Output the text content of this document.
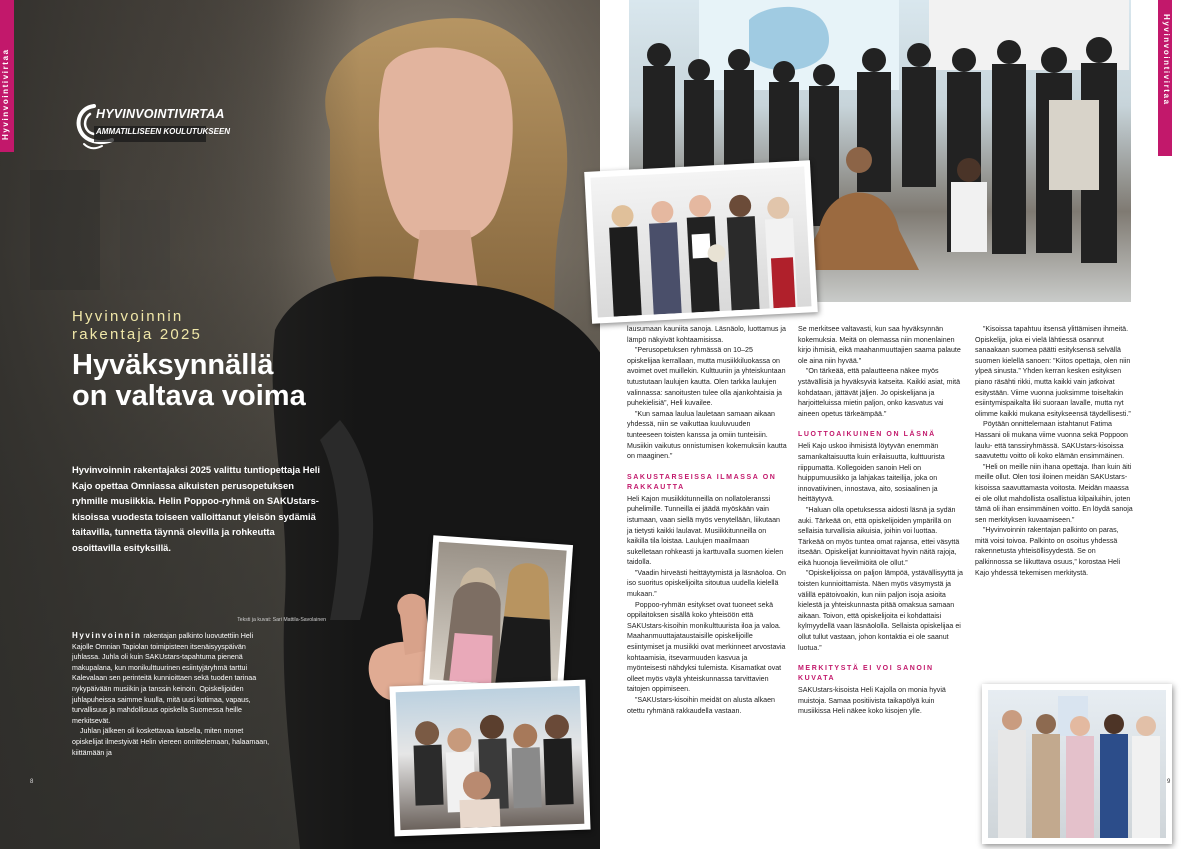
Hyvinvointivirtaa	HYVINVOINTIVIRTAA
AMMATILLISEEN KOULUTUKSEEN
Hyvinvoinnin
rakentaja 2025
Hyväksynnällä on valtava voima

Hyvinvoinnin rakentajaksi 2025 valittu tuntiopettaja Heli Kajo opettaa Omniassa aikuisten perusopetuksen ryhmille musiikkia. Helin Poppoo-ryhmä on SAKUstars-kisoissa vuodesta toiseen valloittanut yleisön sydämiä taitavilla, tunnetta täynnä olevilla ja rohkeutta osoittavilla esityksillä.

Teksti ja kuvat: Sari Mattila-Savolainen

Hyvinvoinnin rakentajan palkinto luovutettiin Heli Kajolle Omnian Tapiolan toimipisteen itsenäisyyspäivän juhlassa. Juhla oli kuin SAKUstars-tapahtuma pienenä makupalana, kun monikulttuurinen esiintyjäryhmä tarttui Kalevalaan sen perinteitä kunnioittaen sekä tuoden tarinaa nykypäivään musiikin ja tanssin keinoin. Opiskelijoiden juhlapuheissa saimme kuulla, mitä uusi kotimaa, vapaus, turvallisuus ja mahdollisuus opiskella Suomessa heille merkitsevät.

Juhlan jälkeen oli koskettavaa katsella, miten monet opiskelijat ilmestyivät Helin viereen onnittelemaan, halaamaan, kiittämään ja

8
Hyvinvointivirtaa

lausumaan kauniita sanoja. Läsnäolo, luottamus ja lämpö näkyivät kohtaamisissa.

”Perusopetuksen ryhmässä on 10–25 opiskelijaa kerrallaan, mutta musiikkiluokassa on avoimet ovet muillekin. Kulttuuriin ja yhteiskuntaan tutustutaan laulujen kautta. Olen tarkka laulujen valinnassa: sanoitusten tulee olla ajankohtaisia ja puhekielisiä”, Heli kuvailee.

”Kun samaa laulua lauletaan samaan aikaan yhdessä, niin se vaikuttaa kuuluvuuden tunteeseen toisten kanssa ja omiin tunteisiin. Musiikin vaikutus onnistumisen kokemuksiin kautta on maaginen.”

SAKUSTARSEISSA ILMASSA ON RAKKAUTTA

Heli Kajon musiikkitunneilla on nollatoleranssi puhelimille. Tunneilla ei jäädä myöskään vain istumaan, vaan siellä myös venytellään, liikutaan ja tietysti kaikki laulavat. Musiikkitunneilla on kaikilla tila loistaa. Laulujen maailmaan sukelletaan rohkeasti ja karttuvalla suomen kielen taidolla.

”Vaadin hirveästi heittäytymistä ja läsnäoloa. On iso suoritus opiskelijoilta sitoutua uudella kielellä mukaan.”

Poppoo-ryhmän esitykset ovat tuoneet sekä oppilaitoksen sisällä koko yhteisöön että SAKUstars-kisoihin monikulttuurista iloa ja valoa. Maahanmuuttajataustaisille opiskelijoille esiintymiset ja musiikki ovat merkinneet arvostavia kohtaamisia, itsevarmuuden kasvua ja myönteisesti nähdyksi tulemista. Kisamatkat ovat olleet myös väylä yhteiskunnassa tarvittavien taitojen oppimiseen.

”SAKUstars-kisoihin meidät on alusta alkaen otettu ryhmänä rakkaudella vastaan.

Se merkitsee valtavasti, kun saa hyväksynnän kokemuksia. Meitä on olemassa niin monenlainen kirjo ihmisiä, eikä maahanmuuttajien saama palaute ole aina niin hyvää.”

”On tärkeää, että palautteena näkee myös ystävällisiä ja hyväksyviä katseita. Kaikki asiat, mitä kohdataan, jättävät jäljen. Jo opiskelijana ja harjoitteluissa mietin paljon, onko kasvatus vai aineen opetus tärkeämpää.”

LUOTTOAIKUINEN ON LÄSNÄ

Heli Kajo uskoo ihmisistä löytyvän enemmän samankaltaisuutta kuin erilaisuutta, kulttuurista riippumatta. Kollegoiden sanoin Heli on huippumuusikko ja lahjakas taiteilija, joka on innovatiivinen, innostava, aito, sosiaalinen ja heittäytyvä.

”Haluan olla opetuksessa aidosti läsnä ja sydän auki. Tärkeää on, että opiskelijoiden ympärillä on sellaisia turvallisia aikuisia, joihin voi luottaa. Tärkeää on myös tuntea omat rajansa, ettei väsyttä itseään. Opiskelijat kunnioittavat hyvin näitä rajoja, eikä huonoja lieveilmiöitä ole ollut.”

”Opiskelijoissa on paljon lämpöä, ystävällisyyttä ja toisten kunnioittamista. Näen myös väsymystä ja välillä epätoivoakin, kun niin paljon isoja asioita kielestä ja yhteiskunnasta pitää omaksua samaan aikaan. Toivon, että opiskelijoita ei kohdattaisi kylmyydellä vaan läsnäololla. Sellaista opiskelijaa ei ollut tullut vastaan, johon kontaktia ei ole saanut luotua.”

MERKITYSTÄ EI VOI SANOIN KUVATA

SAKUstars-kisoista Heli Kajolla on monia hyviä muistoja. Samaa positiivista taikapölyä kuin musiikissa Heli näkee koko kisojen ylle.

”Kisoissa tapahtuu itsensä ylittämisen ihmeitä. Opiskelija, joka ei vielä lähtiessä osannut sanaakaan suomea päätti esityksensä selvällä suomen kielellä sanoen: ”Kiitos opettaja, olen niin ylpeä sinusta.” Yhden kerran kesken esityksen piano räsähti rikki, mutta kaikki vain jatkoivat esitystään. Viime vuonna juoksimme toiseltakin esiintymispaikalta liki suoraan lavalle, mutta nyt olimme kaikki mukana esitykseensä täydellisesti.”

Pöytään onnittelemaan istahtanut Fatima Hassani oli mukana viime vuonna sekä Poppoon laulu- että tanssiryhmässä. SAKUstars-kisoissa saavutettu voitto oli koko elämän ensimmäinen.

”Heli on meille niin ihana opettaja. Ihan kuin äiti meille ollut. Olen tosi iloinen meidän SAKUstars-kisoissa saavuttamasta voitosta. Meidän maassa ei ole ollut mahdollista osallistua kilpailuihin, joten tämä oli ihan ensimmäinen voitto. En löydä sanoja sen merkityksen kuvaamiseen.”

”Hyvinvoinnin rakentajan palkinto on paras, mitä voisi toivoa. Palkinto on osoitus yhdessä rakennetusta yhteisöllisyydestä. Se on palkinnossa se liikuttava osuus,” korostaa Heli Kajo yhdessä tekemisen merkitystä.

9
